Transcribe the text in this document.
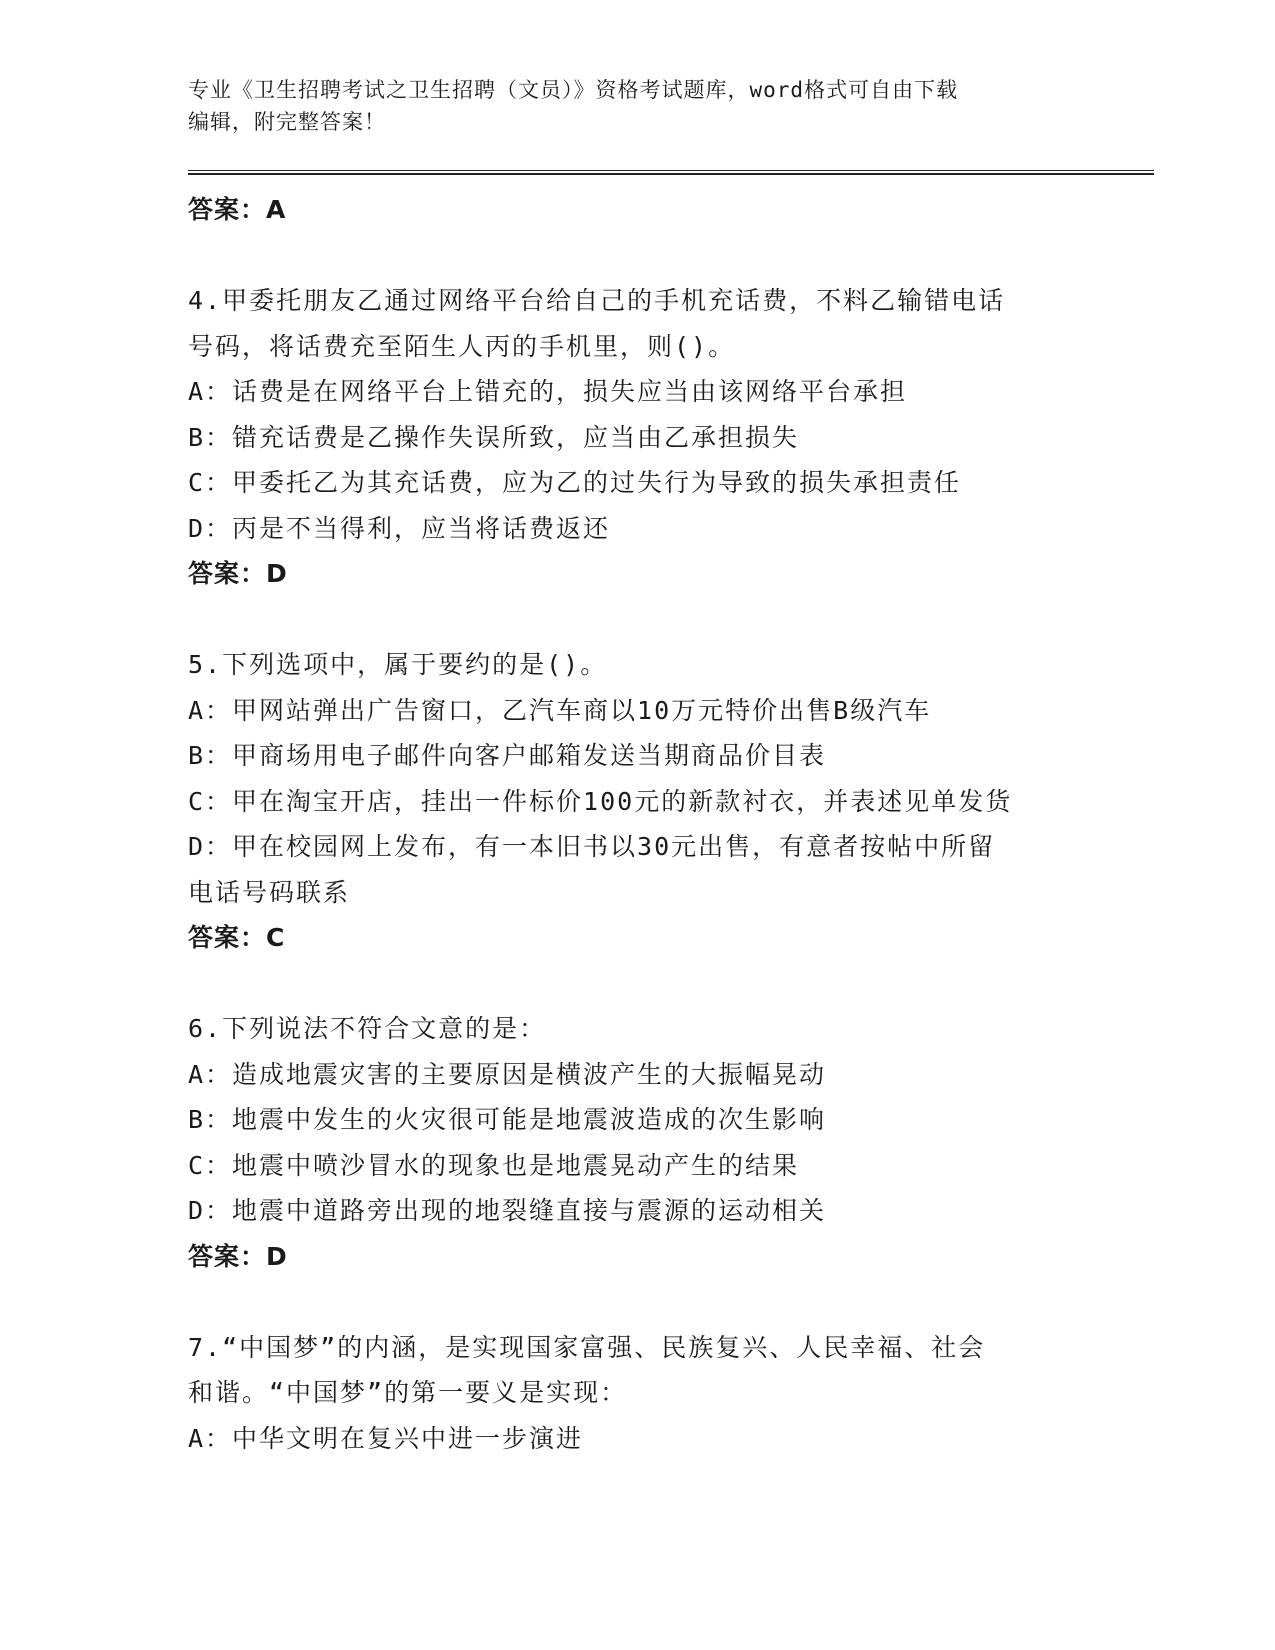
专业《卫生招聘考试之卫生招聘（文员）》资格考试题库，word格式可自由下载
编辑，附完整答案！
答案：A
4.甲委托朋友乙通过网络平台给自己的手机充话费，不料乙输错电话
号码，将话费充至陌生人丙的手机里，则()。
A：话费是在网络平台上错充的，损失应当由该网络平台承担
B：错充话费是乙操作失误所致，应当由乙承担损失
C：甲委托乙为其充话费，应为乙的过失行为导致的损失承担责任
D：丙是不当得利，应当将话费返还
答案：D
5.下列选项中，属于要约的是()。
A：甲网站弹出广告窗口，乙汽车商以10万元特价出售B级汽车
B：甲商场用电子邮件向客户邮箱发送当期商品价目表
C：甲在淘宝开店，挂出一件标价100元的新款衬衣，并表述见单发货
D：甲在校园网上发布，有一本旧书以30元出售，有意者按帖中所留
电话号码联系
答案：C
6.下列说法不符合文意的是：
A：造成地震灾害的主要原因是横波产生的大振幅晃动
B：地震中发生的火灾很可能是地震波造成的次生影响
C：地震中喷沙冒水的现象也是地震晃动产生的结果
D：地震中道路旁出现的地裂缝直接与震源的运动相关
答案：D
7.“中国梦”的内涵，是实现国家富强、民族复兴、人民幸福、社会
和谐。“中国梦”的第一要义是实现：
A：中华文明在复兴中进一步演进
